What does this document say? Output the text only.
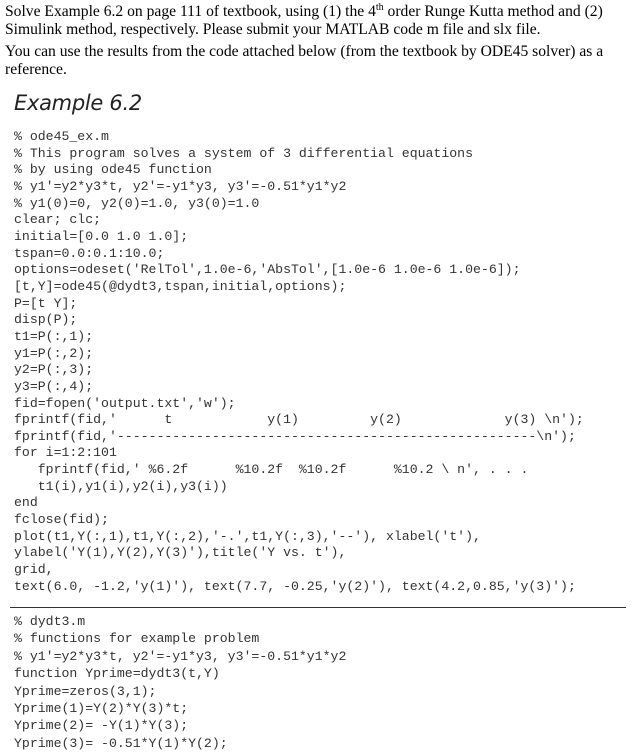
Solve Example 6.2 on page 111 of textbook, using (1) the 4th order Runge Kutta method and (2) Simulink method, respectively. Please submit your MATLAB code m file and slx file.

You can use the results from the code attached below (from the textbook by ODE45 solver) as a reference.

Example 6.2
% ode45_ex.m
% This program solves a system of 3 differential equations
% by using ode45 function
% y1'=y2*y3*t, y2'=-y1*y3, y3'=-0.51*y1*y2
% y1(0)=0, y2(0)=1.0, y3(0)=1.0
clear; clc;
initial=[0.0 1.0 1.0];
tspan=0.0:0.1:10.0;
options=odeset('RelTol',1.0e-6,'AbsTol',[1.0e-6 1.0e-6 1.0e-6]);
[t,Y]=ode45(@dydt3,tspan,initial,options);
P=[t Y];
disp(P);
t1=P(:,1);
y1=P(:,2);
y2=P(:,3);
y3=P(:,4);
fid=fopen('output.txt','w');
fprintf(fid,'      t            y(1)         y(2)             y(3) \n');
fprintf(fid,'-----------------------------------------------------\n');
for i=1:2:101
fprintf(fid,' %6.2f      %10.2f  %10.2f      %10.2 \ n', . . .
t1(i),y1(i),y2(i),y3(i))
end
fclose(fid);
plot(t1,Y(:,1),t1,Y(:,2),'-.',t1,Y(:,3),'--'), xlabel('t'),
ylabel('Y(1),Y(2),Y(3)'),title('Y vs. t'),
grid,
text(6.0, -1.2,'y(1)'), text(7.7, -0.25,'y(2)'), text(4.2,0.85,'y(3)');
% dydt3.m
% functions for example problem
% y1'=y2*y3*t, y2'=-y1*y3, y3'=-0.51*y1*y2
function Yprime=dydt3(t,Y)
Yprime=zeros(3,1);
Yprime(1)=Y(2)*Y(3)*t;
Yprime(2)= -Y(1)*Y(3);
Yprime(3)= -0.51*Y(1)*Y(2);
